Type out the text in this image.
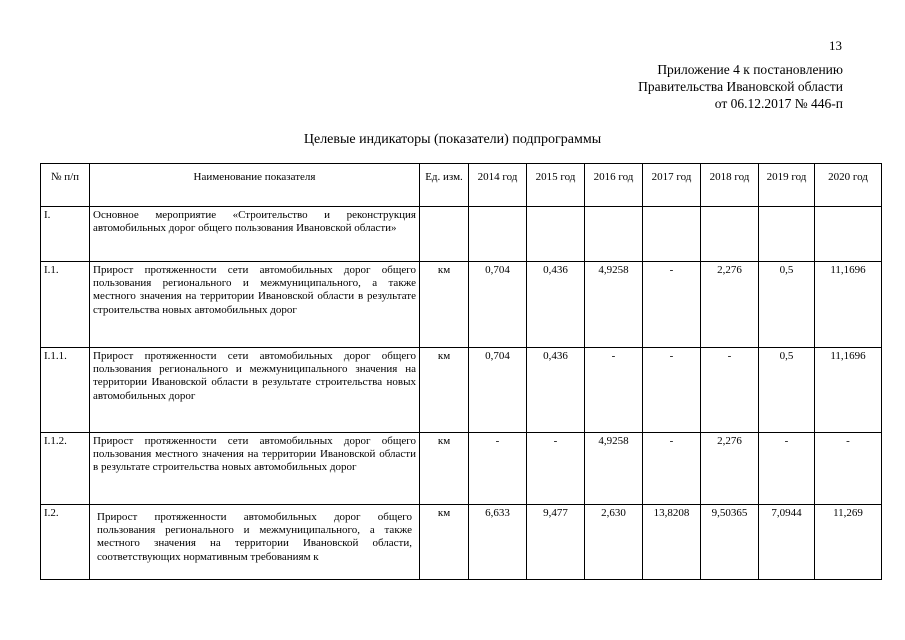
13
Приложение 4 к постановлению
Правительства Ивановской области
от 06.12.2017 № 446-п
Целевые индикаторы (показатели) подпрограммы
№ п/п	Наименование показателя	Ед. изм.	2014 год	2015 год	2016 год	2017 год	2018 год	2019 год	2020 год
I.	Основное мероприятие «Строительство и реконструкция автомобильных дорог общего пользования Ивановской области»								
I.1.	Прирост протяженности сети автомобильных дорог общего пользования регионального и межмуниципального, а также местного значения на территории Ивановской области в результате строительства новых автомобильных дорог	км	0,704	0,436	4,9258	-	2,276	0,5	11,1696
I.1.1.	Прирост протяженности сети автомобильных дорог общего пользования регионального и межмуниципального значения на территории Ивановской области в результате строительства новых автомобильных дорог	км	0,704	0,436	-	-	-	0,5	11,1696
I.1.2.	Прирост протяженности сети автомобильных дорог общего пользования местного значения на территории Ивановской области в результате строительства новых автомобильных дорог	км	-	-	4,9258	-	2,276	-	-
I.2.	Прирост протяженности автомобильных дорог общего пользования регионального и межмуниципального, а также местного значения на территории Ивановской области, соответствующих нормативным требованиям к	км	6,633	9,477	2,630	13,8208	9,50365	7,0944	11,269
